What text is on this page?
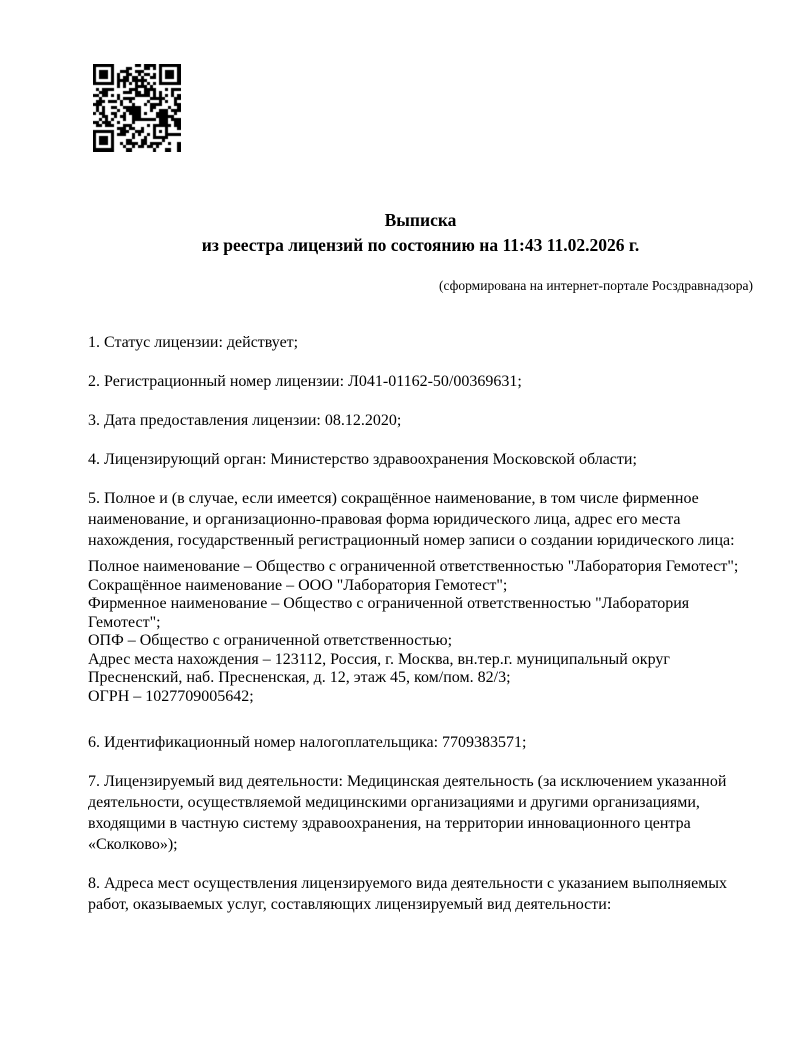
Выписка
из реестра лицензий по состоянию на 11:43 11.02.2026 г.
(сформирована на интернет-портале Росздравнадзора)

1. Статус лицензии: действует;

2. Регистрационный номер лицензии: Л041-01162-50/00369631;

3. Дата предоставления лицензии: 08.12.2020;

4. Лицензирующий орган: Министерство здравоохранения Московской области;

5. Полное и (в случае, если имеется) сокращённое наименование, в том числе фирменное наименование, и организационно-правовая форма юридического лица, адрес его места нахождения, государственный регистрационный номер записи о создании юридического лица:

Полное наименование – Общество с ограниченной ответственностью "Лаборатория Гемотест";
Сокращённое наименование – ООО "Лаборатория Гемотест";
Фирменное наименование – Общество с ограниченной ответственностью "Лаборатория Гемотест";
ОПФ – Общество с ограниченной ответственностью;
Адрес места нахождения – 123112, Россия, г. Москва, вн.тер.г. муниципальный округ Пресненский, наб. Пресненская, д. 12, этаж 45, ком/пом. 82/3;
ОГРН – 1027709005642;

6. Идентификационный номер налогоплательщика: 7709383571;

7. Лицензируемый вид деятельности: Медицинская деятельность (за исключением указанной деятельности, осуществляемой медицинскими организациями и другими организациями, входящими в частную систему здравоохранения, на территории инновационного центра «Сколково»);

8. Адреса мест осуществления лицензируемого вида деятельности с указанием выполняемых работ, оказываемых услуг, составляющих лицензируемый вид деятельности:
